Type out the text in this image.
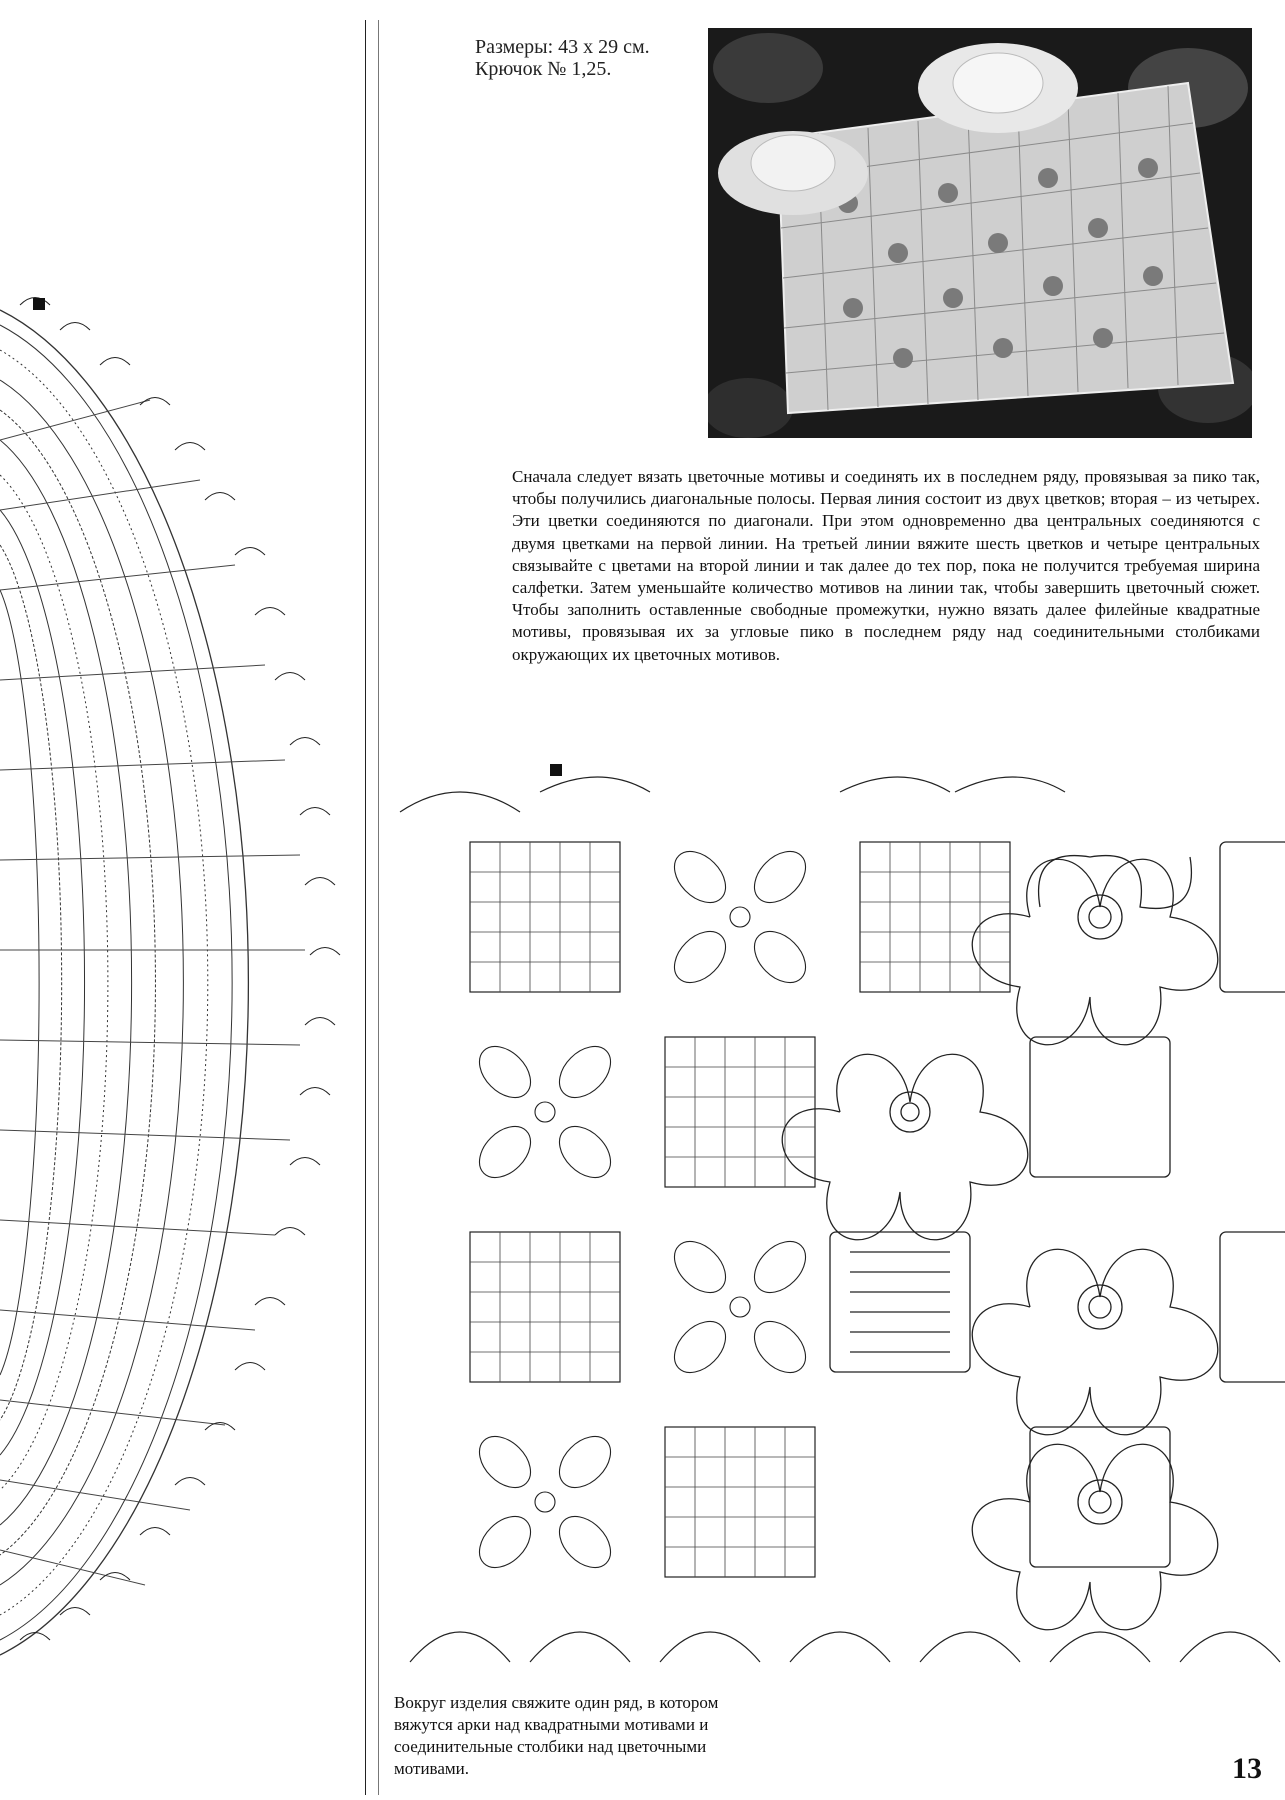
Размеры: 43 х 29 см.
Крючок № 1,25.
Сначала следует вязать цветочные мотивы и соединять их в последнем ряду, провязывая за пико так, чтобы получились диагональные полосы. Первая линия состоит из двух цветков; вторая – из четырех. Эти цветки соединяются по диагонали. При этом одновременно два центральных соединяются с двумя цветками на первой линии. На третьей линии вяжите шесть цветков и четыре центральных связывайте с цветами на второй линии и так далее до тех пор, пока не получится требуемая ширина салфетки. Затем уменьшайте количество мотивов на линии так, чтобы завершить цветочный сюжет. Чтобы заполнить оставленные свободные промежутки, нужно вязать далее филейные квадратные мотивы, провязывая их за угловые пико в последнем ряду над соединительными столбиками окружающих их цветочных мотивов.
Вокруг изделия свяжите один ряд, в котором вяжутся арки над квадратными мотивами и соединительные столбики над цветочными мотивами.	13
